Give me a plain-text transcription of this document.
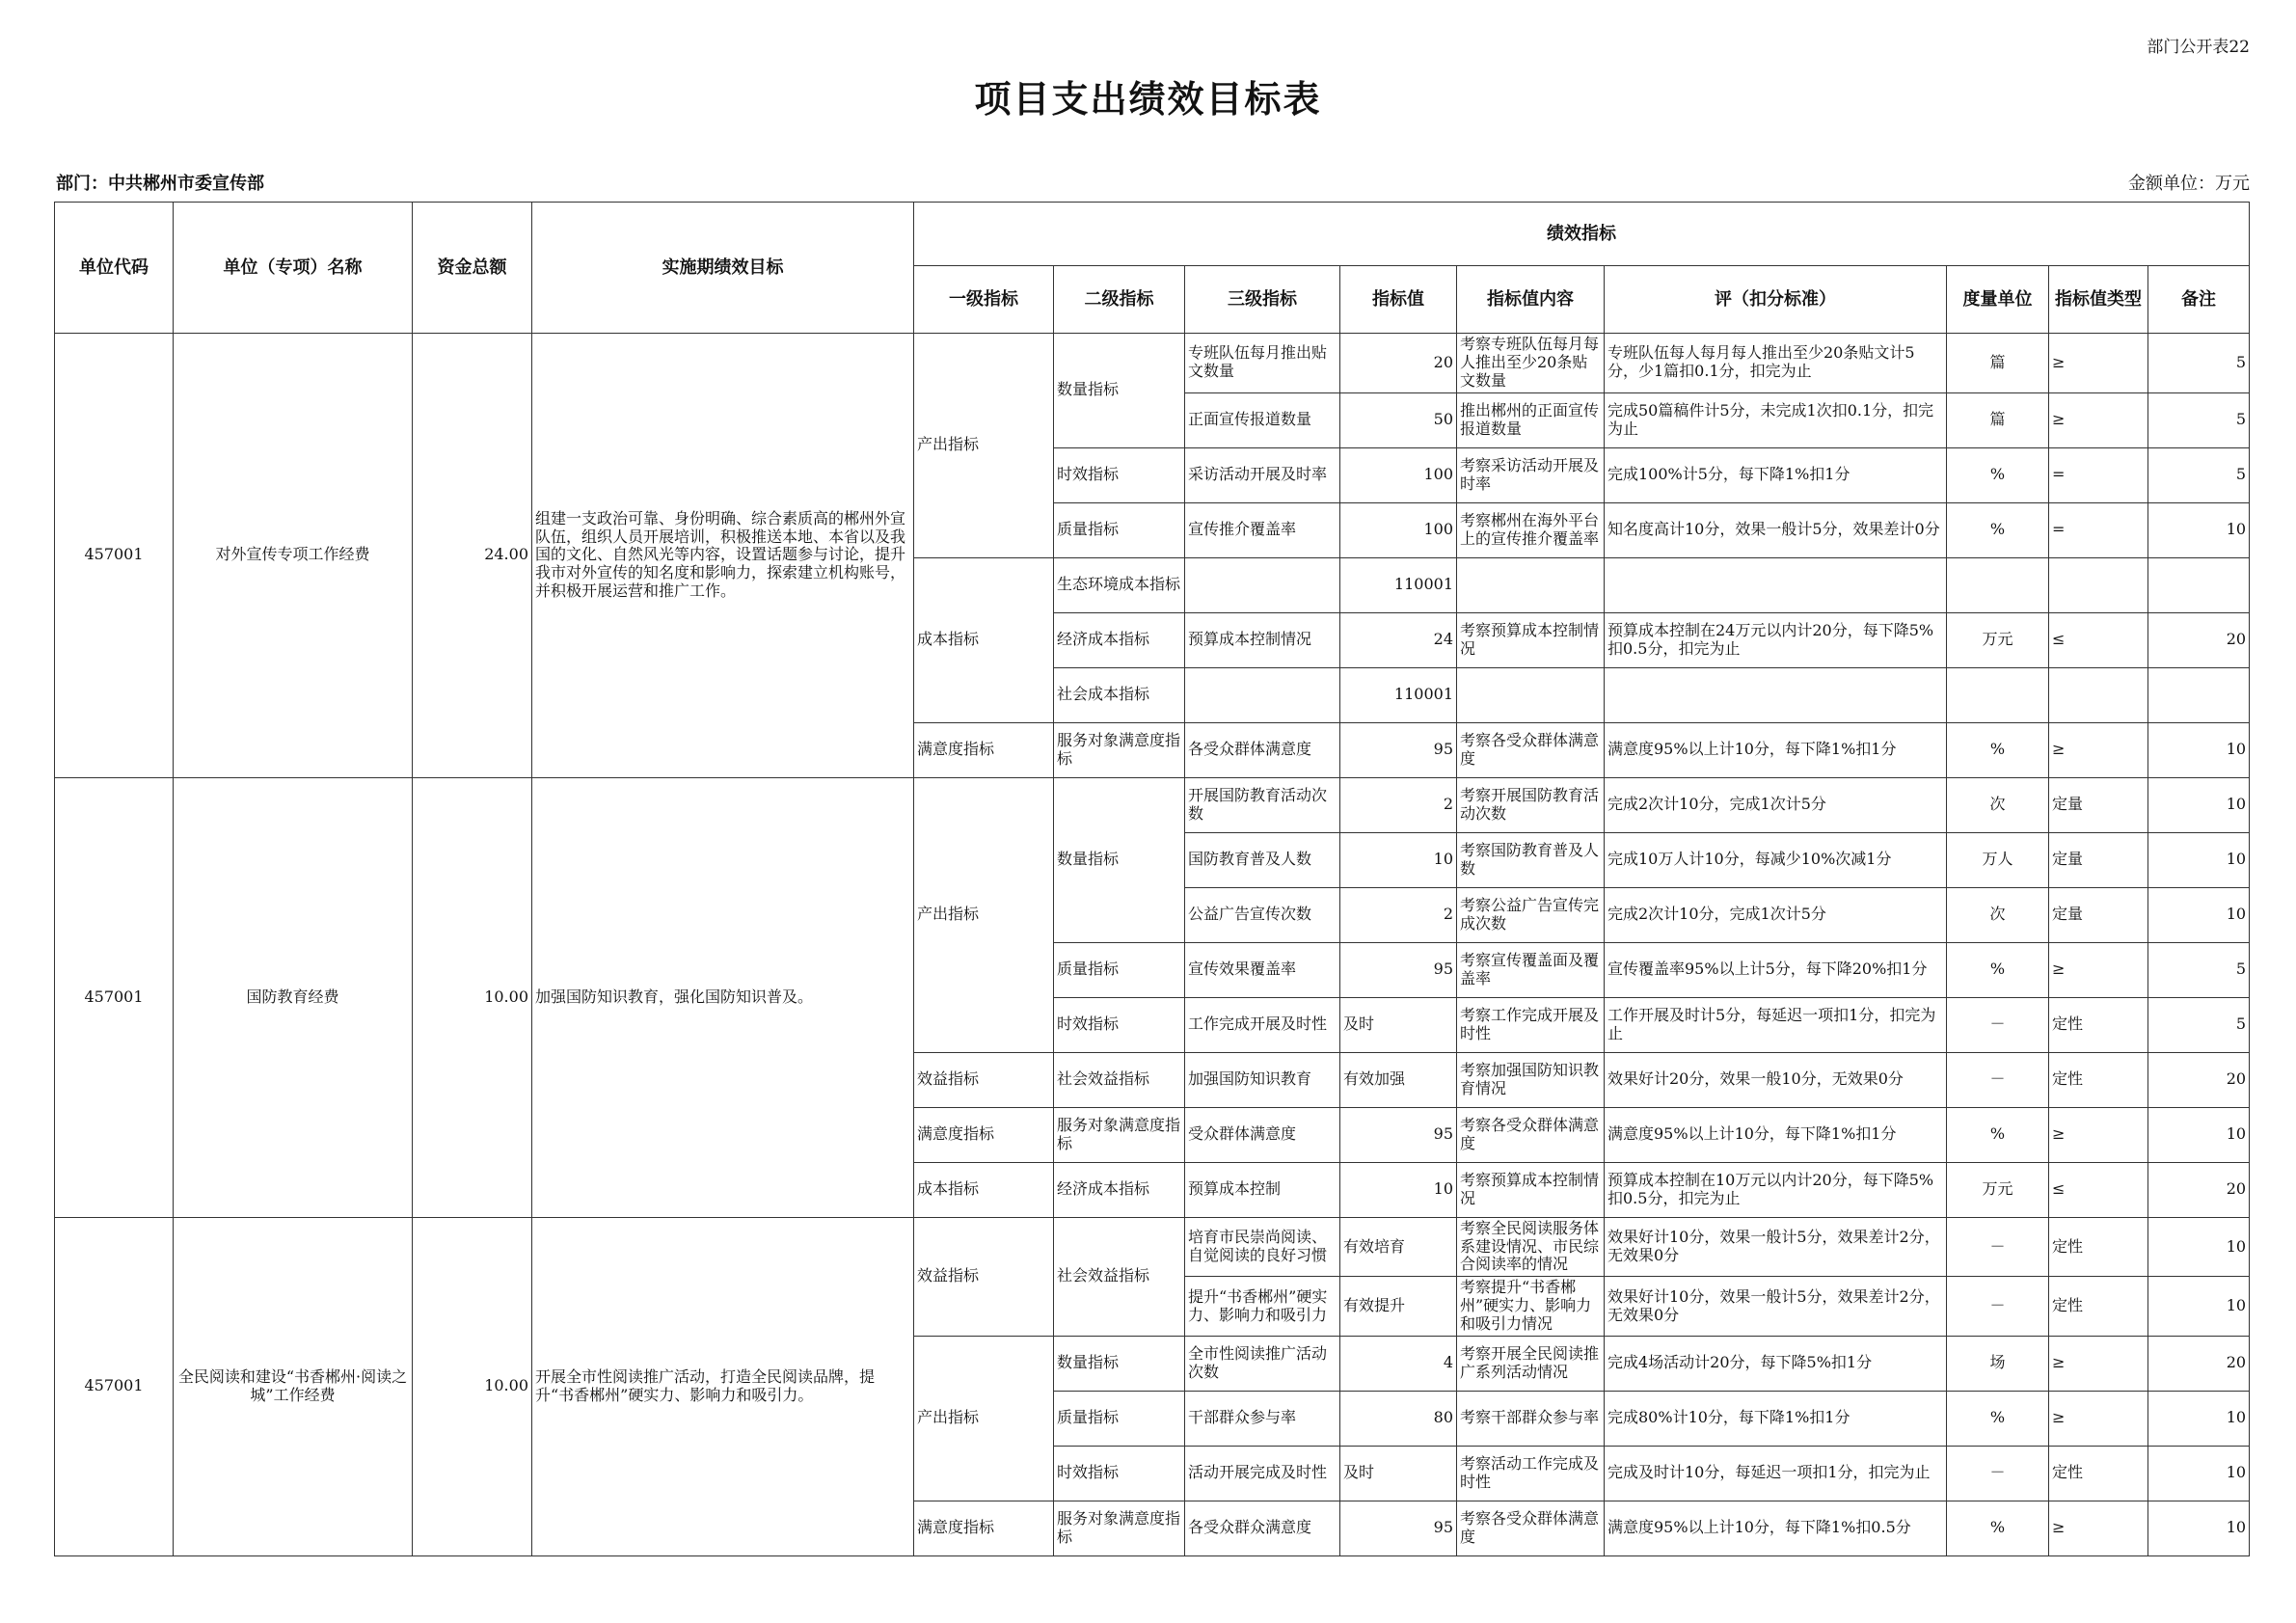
部门公开表22
项目支出绩效目标表
部门：中共郴州市委宣传部	金额单位：万元
单位代码	单位（专项）名称	资金总额	实施期绩效目标	绩效指标								
				一级指标	二级指标	三级指标	指标值	指标值内容	评（扣分标准）	度量单位	指标值类型	备注
457001	对外宣传专项工作经费	24.00	组建一支政治可靠、身份明确、综合素质高的郴州外宣队伍，组织人员开展培训，积极推送本地、本省以及我国的文化、自然风光等内容，设置话题参与讨论，提升我市对外宣传的知名度和影响力，探索建立机构账号，并积极开展运营和推广工作。	产出指标	数量指标	专班队伍每月推出贴文数量	20	考察专班队伍每月每人推出至少20条贴文数量	专班队伍每人每月每人推出至少20条贴文计5分，少1篇扣0.1分，扣完为止	篇	≥	5
						正面宣传报道数量	50	推出郴州的正面宣传报道数量	完成50篇稿件计5分，未完成1次扣0.1分，扣完为止	篇	≥	5
					时效指标	采访活动开展及时率	100	考察采访活动开展及时率	完成100%计5分，每下降1%扣1分	%	=	5
					质量指标	宣传推介覆盖率	100	考察郴州在海外平台上的宣传推介覆盖率	知名度高计10分，效果一般计5分，效果差计0分	%	=	10
				成本指标	生态环境成本指标		110001					
					经济成本指标	预算成本控制情况	24	考察预算成本控制情况	预算成本控制在24万元以内计20分，每下降5%扣0.5分，扣完为止	万元	≤	20
					社会成本指标		110001					
				满意度指标	服务对象满意度指标	各受众群体满意度	95	考察各受众群体满意度	满意度95%以上计10分，每下降1%扣1分	%	≥	10
457001	国防教育经费	10.00	加强国防知识教育，强化国防知识普及。	产出指标	数量指标	开展国防教育活动次数	2	考察开展国防教育活动次数	完成2次计10分，完成1次计5分	次	定量	10
						国防教育普及人数	10	考察国防教育普及人数	完成10万人计10分，每减少10%次减1分	万人	定量	10
						公益广告宣传次数	2	考察公益广告宣传完成次数	完成2次计10分，完成1次计5分	次	定量	10
					质量指标	宣传效果覆盖率	95	考察宣传覆盖面及覆盖率	宣传覆盖率95%以上计5分，每下降20%扣1分	%	≥	5
					时效指标	工作完成开展及时性	及时	考察工作完成开展及时性	工作开展及时计5分，每延迟一项扣1分，扣完为止	－	定性	5
				效益指标	社会效益指标	加强国防知识教育	有效加强	考察加强国防知识教育情况	效果好计20分，效果一般10分，无效果0分	－	定性	20
				满意度指标	服务对象满意度指标	受众群体满意度	95	考察各受众群体满意度	满意度95%以上计10分，每下降1%扣1分	%	≥	10
				成本指标	经济成本指标	预算成本控制	10	考察预算成本控制情况	预算成本控制在10万元以内计20分，每下降5%扣0.5分，扣完为止	万元	≤	20
457001	全民阅读和建设“书香郴州·阅读之城”工作经费	10.00	开展全市性阅读推广活动，打造全民阅读品牌，提升“书香郴州”硬实力、影响力和吸引力。	效益指标	社会效益指标	培育市民崇尚阅读、自觉阅读的良好习惯	有效培育	考察全民阅读服务体系建设情况、市民综合阅读率的情况	效果好计10分，效果一般计5分，效果差计2分，无效果0分	－	定性	10
						提升“书香郴州”硬实力、影响力和吸引力	有效提升	考察提升“书香郴州”硬实力、影响力和吸引力情况	效果好计10分，效果一般计5分，效果差计2分，无效果0分	－	定性	10
				产出指标	数量指标	全市性阅读推广活动次数	4	考察开展全民阅读推广系列活动情况	完成4场活动计20分，每下降5%扣1分	场	≥	20
					质量指标	干部群众参与率	80	考察干部群众参与率	完成80%计10分，每下降1%扣1分	%	≥	10
					时效指标	活动开展完成及时性	及时	考察活动工作完成及时性	完成及时计10分，每延迟一项扣1分，扣完为止	－	定性	10
				满意度指标	服务对象满意度指标	各受众群众满意度	95	考察各受众群体满意度	满意度95%以上计10分，每下降1%扣0.5分	%	≥	10
